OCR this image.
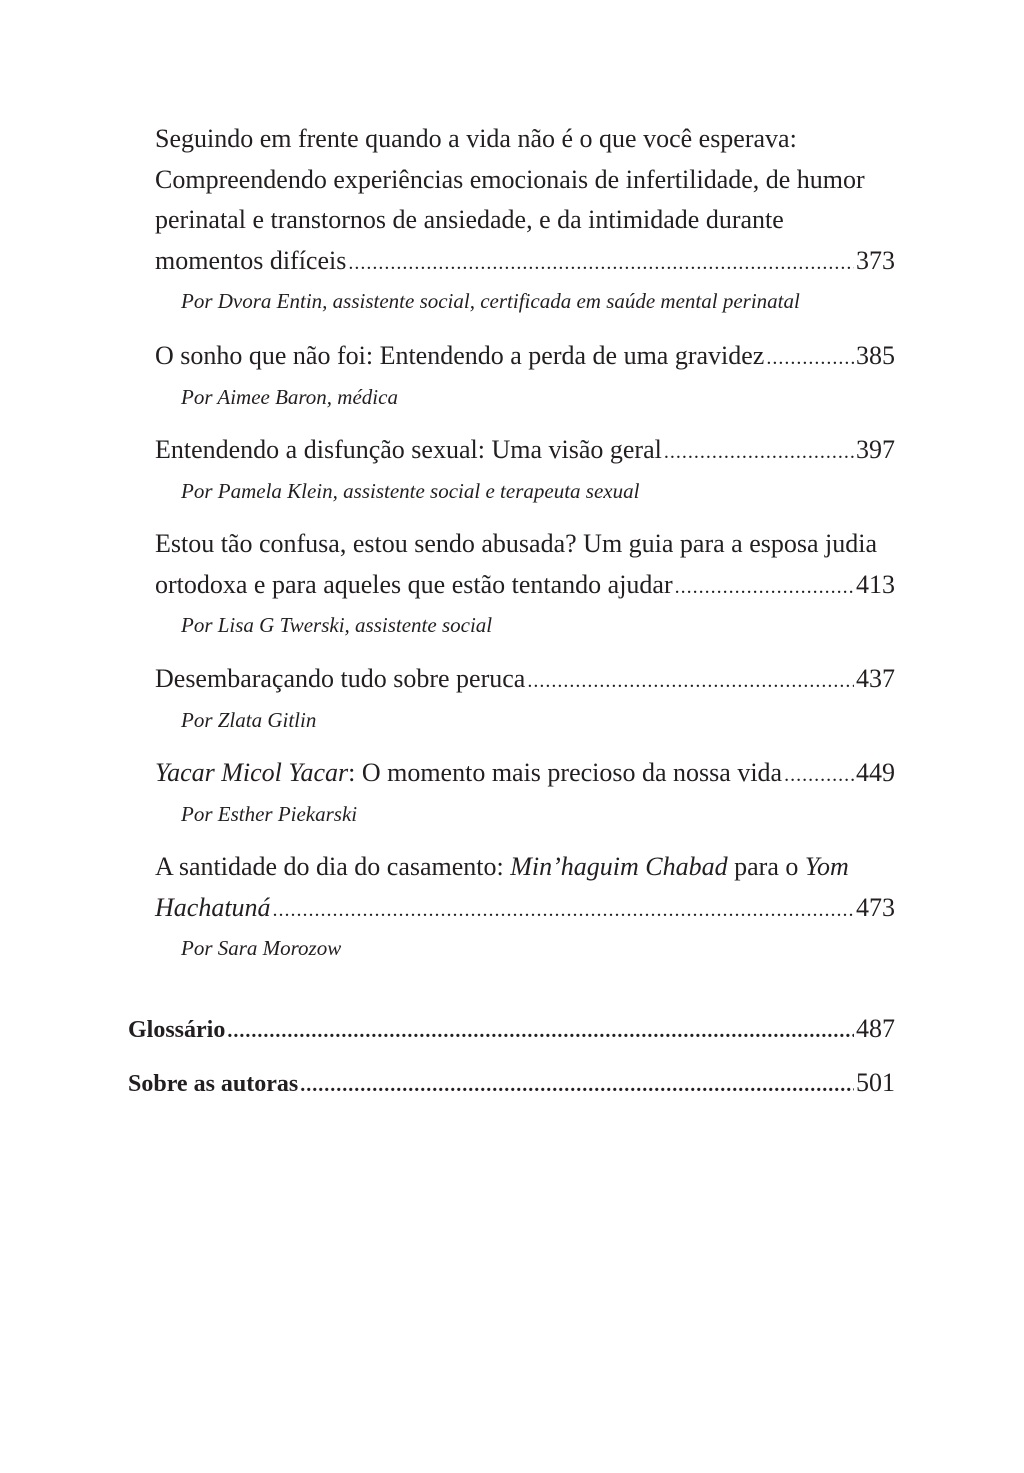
Seguindo em frente quando a vida não é o que você esperava:
Compreendendo experiências emocionais de infertilidade, de humor
perinatal e transtornos de ansiedade, e da intimidade durante
momentos difíceis .....	373
Por Dvora Entin, assistente social, certificada em saúde mental perinatal
O sonho que não foi: Entendendo a perda de uma gravidez .....	385
Por Aimee Baron, médica
Entendendo a disfunção sexual: Uma visão geral .....	397
Por Pamela Klein, assistente social e terapeuta sexual
Estou tão confusa, estou sendo abusada? Um guia para a esposa judia
ortodoxa e para aqueles que estão tentando ajudar .....	413
Por Lisa G Twerski, assistente social
Desembaraçando tudo sobre peruca .....	437
Por Zlata Gitlin
Yacar Micol Yacar: O momento mais precioso da nossa vida .....	449
Por Esther Piekarski
A santidade do dia do casamento: Min’haguim Chabad para o Yom
Hachatuná .....	473
Por Sara Morozow
Glossário .....	487
Sobre as autoras .....	501
